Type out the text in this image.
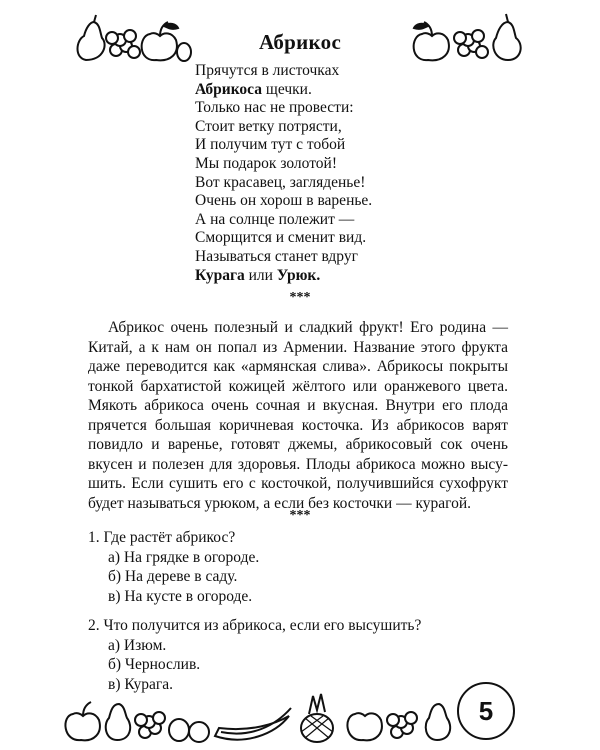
Абрикос
Прячутся в листочках
Абрикоса щечки.
Только нас не провести:
Стоит ветку потрясти,
И получим тут с тобой
Мы подарок золотой!
Вот красавец, загляденье!
Очень он хорош в варенье.
А на солнце полежит —
Сморщится и сменит вид.
Называться станет вдруг
Курага или Урюк.
***
Абрикос очень полезный и сладкий фрукт! Его родина —
Китай, а к нам он попал из Армении. Название этого фрукта
даже переводится как «армянская слива». Абрикосы покрыты
тонкой бархатистой кожицей жёлтого или оранжевого цвета.
Мякоть абрикоса очень сочная и вкусная. Внутри его плода
прячется большая коричневая косточка. Из абрикосов варят
повидло и варенье, готовят джемы, абрикосовый сок очень
вкусен и полезен для здоровья. Плоды абрикоса можно высу-
шить. Если сушить его с косточкой, получившийся сухофрукт
будет называться урюком, а если без косточки — курагой.
***
1. Где растёт абрикос?
а) На грядке в огороде.
б) На дереве в саду.
в) На кусте в огороде.
2. Что получится из абрикоса, если его высушить?
а) Изюм.
б) Чернослив.
в) Курага.
5
